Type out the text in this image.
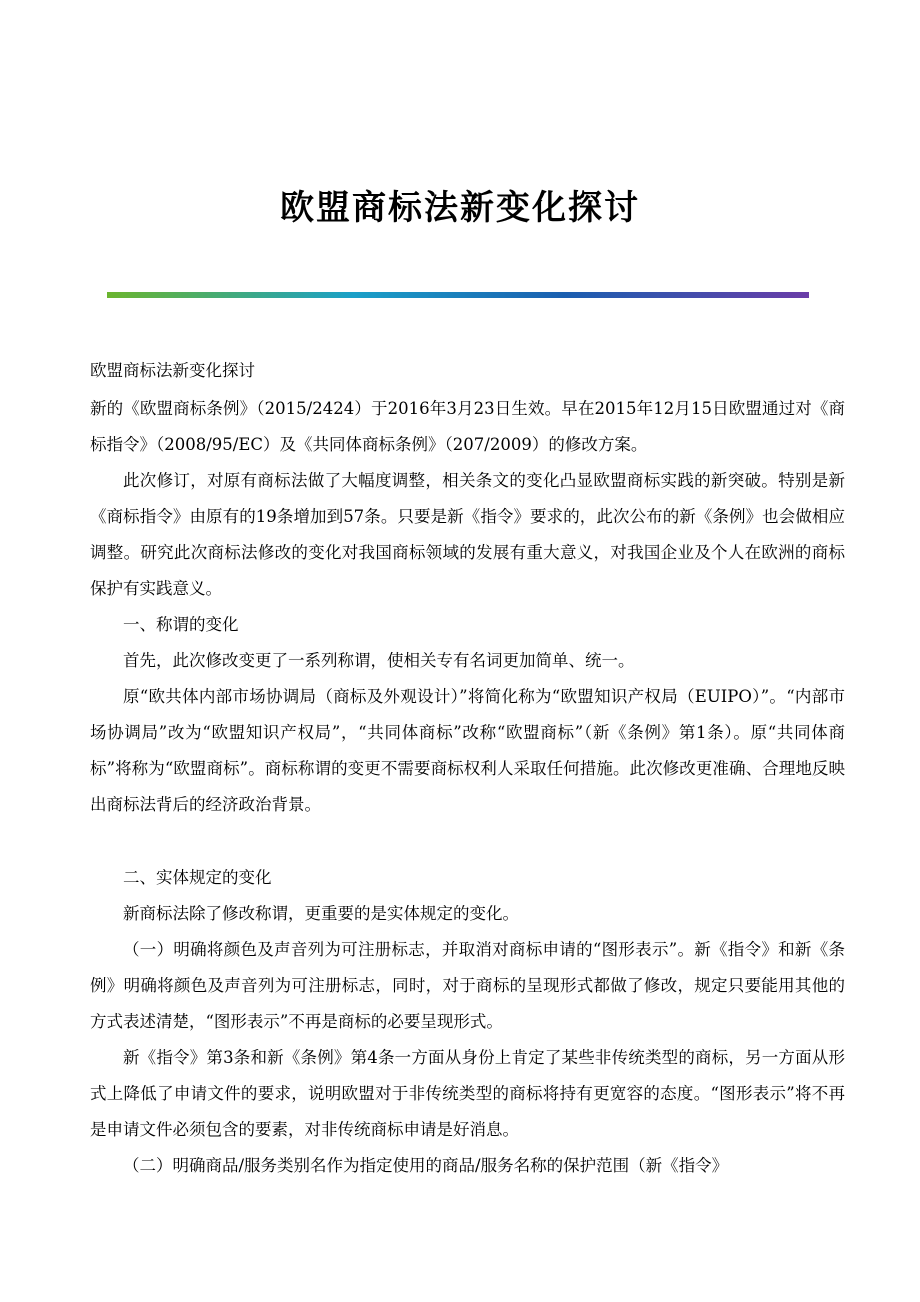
欧盟商标法新变化探讨

欧盟商标法新变化探讨

新的《欧盟商标条例》（2015/2424）于2016年3月23日生效。早在2015年12月15日欧盟通过对《商标指令》（2008/95/EC）及《共同体商标条例》（207/2009）的修改方案。

此次修订，对原有商标法做了大幅度调整，相关条文的变化凸显欧盟商标实践的新突破。特别是新《商标指令》由原有的19条增加到57条。只要是新《指令》要求的，此次公布的新《条例》也会做相应调整。研究此次商标法修改的变化对我国商标领域的发展有重大意义，对我国企业及个人在欧洲的商标保护有实践意义。

一、称谓的变化

首先，此次修改变更了一系列称谓，使相关专有名词更加简单、统一。

原“欧共体内部市场协调局（商标及外观设计）”将简化称为“欧盟知识产权局（EUIPO）”。“内部市场协调局”改为“欧盟知识产权局”，“共同体商标”改称“欧盟商标”（新《条例》第1条）。原“共同体商标”将称为“欧盟商标”。商标称谓的变更不需要商标权利人采取任何措施。此次修改更准确、合理地反映出商标法背后的经济政治背景。

二、实体规定的变化

新商标法除了修改称谓，更重要的是实体规定的变化。

（一）明确将颜色及声音列为可注册标志，并取消对商标申请的“图形表示”。新《指令》和新《条例》明确将颜色及声音列为可注册标志，同时，对于商标的呈现形式都做了修改，规定只要能用其他的方式表述清楚，“图形表示”不再是商标的必要呈现形式。

新《指令》第3条和新《条例》第4条一方面从身份上肯定了某些非传统类型的商标，另一方面从形式上降低了申请文件的要求，说明欧盟对于非传统类型的商标将持有更宽容的态度。“图形表示”将不再是申请文件必须包含的要素，对非传统商标申请是好消息。

（二）明确商品/服务类别名作为指定使用的商品/服务名称的保护范围（新《指令》
